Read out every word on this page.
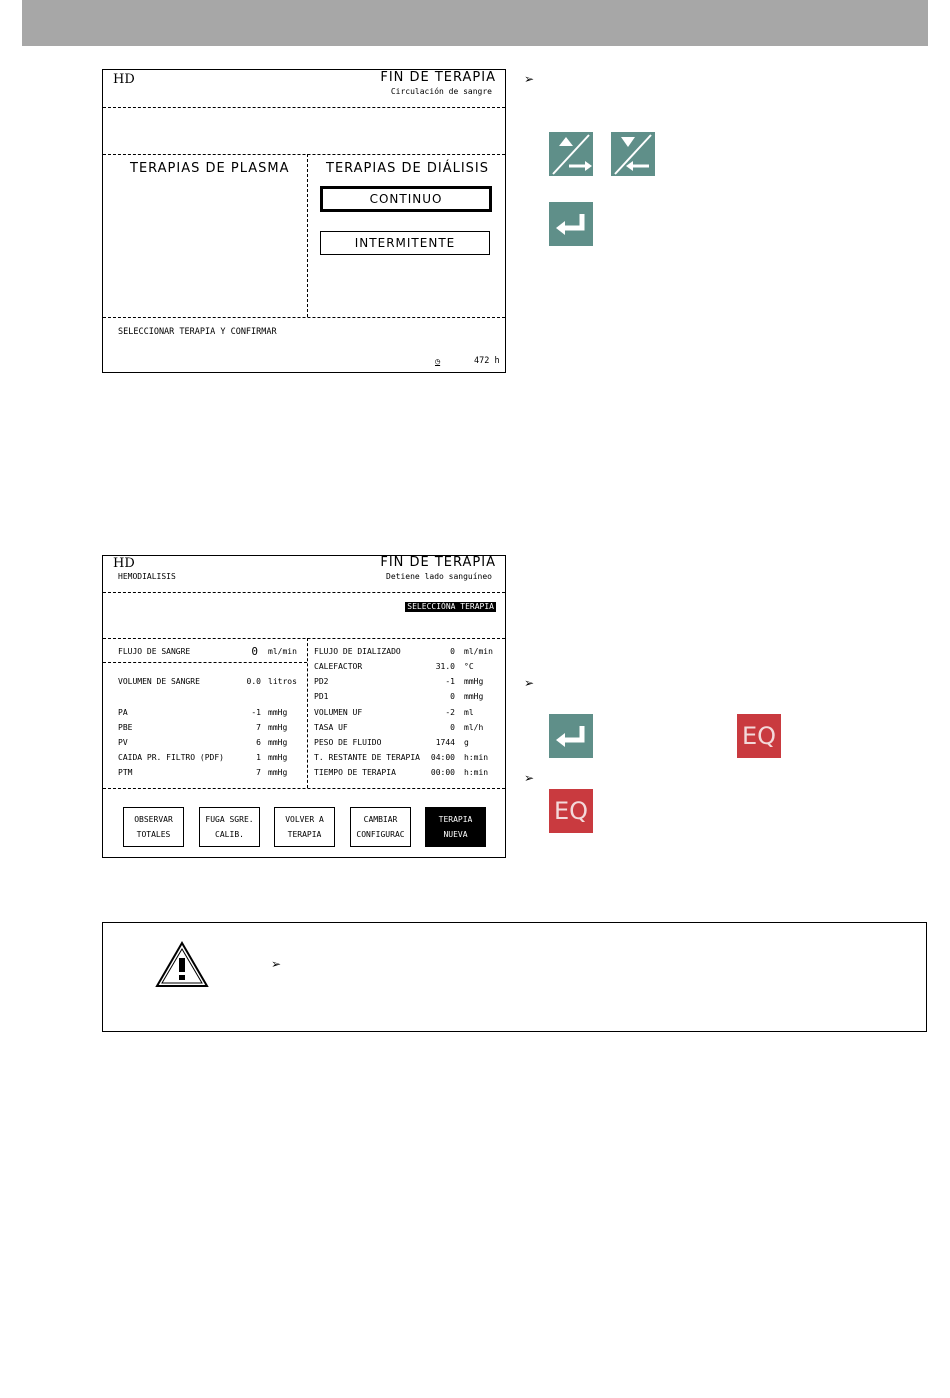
HD	FIN DE TERAPIA
Circulación de sangre
TERAPIAS DE PLASMA	TERAPIAS DE DIÁLISIS
CONTINUO
INTERMITENTE
SELECCIONAR TERAPIA Y CONFIRMAR
◷	472 h
➢
HD
HEMODIALISIS
FIN DE TERAPIA
Detiene lado sanguíneo
SELECCIÓNA TERAPIA
FLUJO DE SANGRE	0 ml/min
VOLUMEN DE SANGRE	0.0 litros
PA	-1 mmHg
PBE	7 mmHg
PV	6 mmHg
CAIDA PR. FILTRO (PDF)	1 mmHg
PTM	7 mmHg
FLUJO DE DIALIZADO	0 ml/min
CALEFACTOR	31.0 °C
PD2	-1 mmHg
PD1	0 mmHg
VOLUMEN UF	-2 ml
TASA UF	0 ml/h
PESO DE FLUIDO	1744 g
T. RESTANTE DE TERAPIA	04:00 h:min
TIEMPO DE TERAPIA	00:00 h:min
OBSERVAR
TOTALES
FUGA SGRE.
CALIB.
VOLVER A
TERAPIA
CAMBIAR
CONFIGURAC
TERAPIA
NUEVA
➢
EQ
➢
EQ
➢
